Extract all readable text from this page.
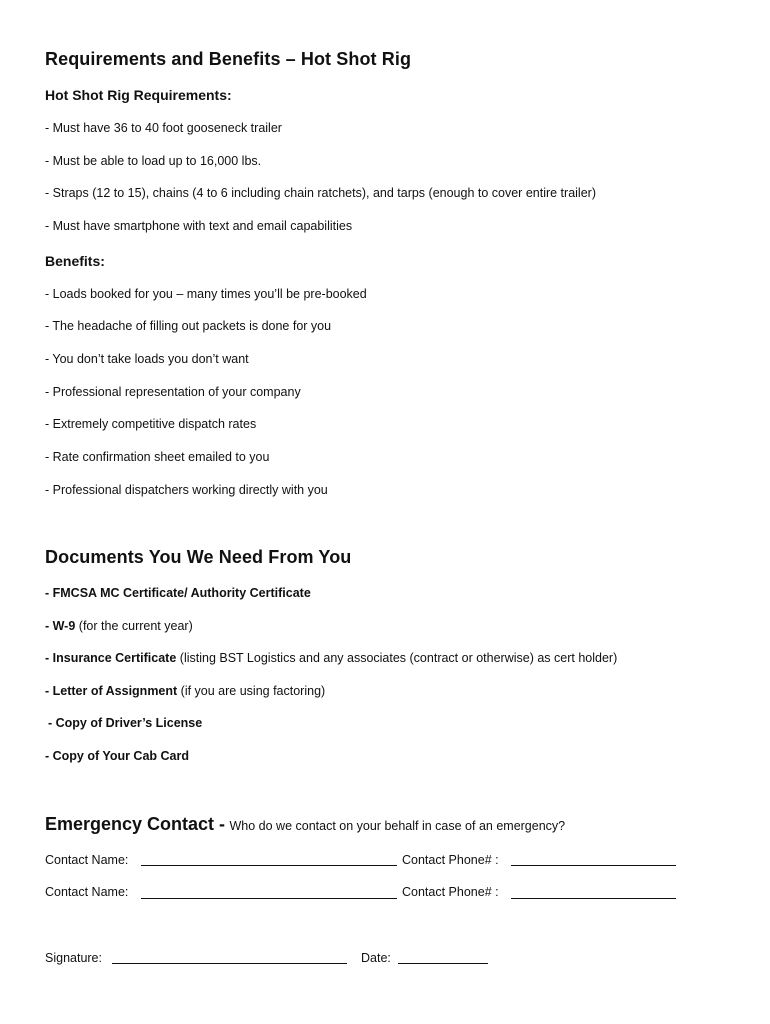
Requirements and Benefits – Hot Shot Rig
Hot Shot Rig Requirements:
- Must have 36 to 40 foot gooseneck trailer
- Must be able to load up to 16,000 lbs.
- Straps (12 to 15), chains (4 to 6 including chain ratchets), and tarps (enough to cover entire trailer)
- Must have smartphone with text and email capabilities
Benefits:
- Loads booked for you – many times you’ll be pre-booked
- The headache of filling out packets is done for you
- You don’t take loads you don’t want
- Professional representation of your company
- Extremely competitive dispatch rates
- Rate confirmation sheet emailed to you
- Professional dispatchers working directly with you
Documents You We Need From You
- FMCSA MC Certificate/ Authority Certificate
- W-9 (for the current year)
- Insurance Certificate (listing BST Logistics and any associates (contract or otherwise) as cert holder)
- Letter of Assignment (if you are using factoring)
- Copy of Driver’s License
- Copy of Your Cab Card
Emergency Contact - Who do we contact on your behalf in case of an emergency?
Contact Name:	Contact Phone# :
Contact Name:	Contact Phone# :
Signature:	Date:
